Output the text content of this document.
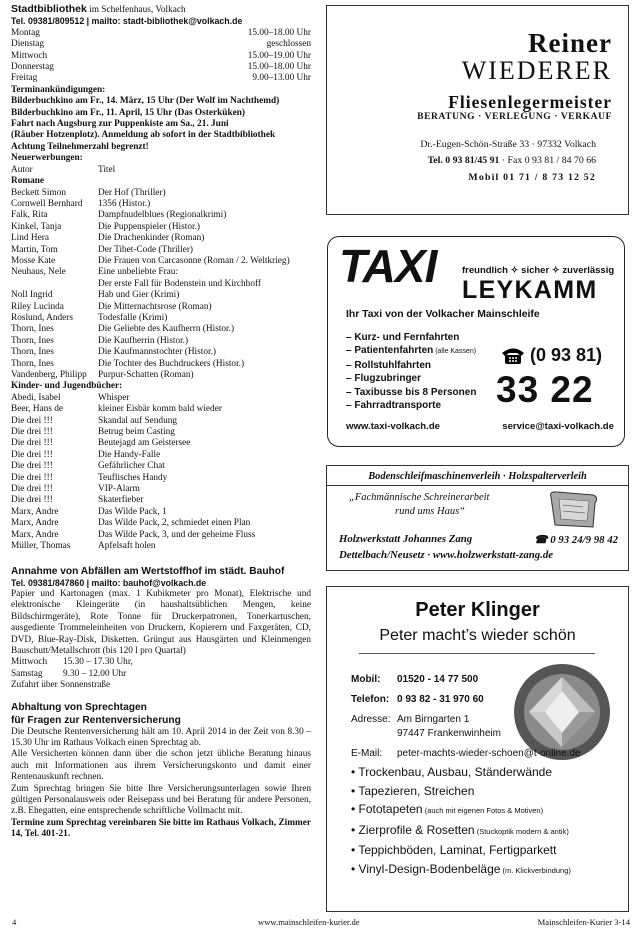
Stadtbibliothek im Schelfenhaus, Volkach
Tel. 09381/809512 | mailto: stadt-bibliothek@volkach.de
Montag	15.00–18.00 Uhr
Dienstag	geschlossen
Mittwoch	15.00–19.00 Uhr
Donnerstag	15.00–18.00 Uhr
Freitag	9.00–13.00 Uhr
Terminankündigungen:
Bilderbuchkino am Fr., 14. März, 15 Uhr (Der Wolf im Nachthemd)
Bilderbuchkino am Fr., 11. April, 15 Uhr (Das Osterküken)
Fahrt nach Augsburg zur Puppenkiste am Sa., 21. Juni
(Räuber Hotzenplotz). Anmeldung ab sofort in der Stadtbibliothek
Achtung Teilnehmerzahl begrenzt!
Neuerwerbungen:
Autor	Titel
Romane
Beckett Simon	Der Hof (Thriller)
Cornwell Bernhard	1356 (Histor.)
Falk, Rita	Dampfnudelblues (Regionalkrimi)
Kinkel, Tanja	Die Puppenspieler (Histor.)
Lind Hera	Die Drachenkinder (Roman)
Martin, Tom	Der Tibet-Code (Thriller)
Mosse Kate	Die Frauen von Carcasonne (Roman / 2. Weltkrieg)
Neuhaus, Nele	Eine unbeliebte Frau:
Der erste Fall für Bodenstein und Kirchhoff
Noll Ingrid	Hab und Gier (Krimi)
Riley Lucinda	Die Mitternachtsrose (Roman)
Roslund, Anders	Todesfalle (Krimi)
Thorn, Ines	Die Geliebte des Kaufherrn (Histor.)
Thorn, Ines	Die Kaufherrin (Histor.)
Thorn, Ines	Die Kaufmannstochter (Histor.)
Thorn, Ines	Die Tochter des Buchdruckers (Histor.)
Vandenberg, Philipp	Purpur-Schatten (Roman)
Kinder- und Jugendbücher:
Abedi, Isabel	Whisper
Beer, Hans de	kleiner Eisbär komm bald wieder
Die drei !!!	Skandal auf Sendung
Die drei !!!	Betrug beim Casting
Die drei !!!	Beutejagd am Geistersee
Die drei !!!	Die Handy-Falle
Die drei !!!	Gefährlicher Chat
Die drei !!!	Teuflisches Handy
Die drei !!!	VIP-Alarm
Die drei !!!	Skaterfieber
Marx, Andre	Das Wilde Pack, 1
Marx, Andre	Das Wilde Pack, 2, schmiedet einen Plan
Marx, Andre	Das Wilde Pack, 3, und der geheime Fluss
Müller, Thomas	Apfelsaft holen
Annahme von Abfällen am Wertstoffhof im städt. Bauhof
Tel. 09381/847860 | mailto: bauhof@volkach.de
Papier und Kartonagen (max. 1 Kubikmeter pro Monat), Elektrische und elektronische Kleingeräte (in haushaltsüblichen Mengen, keine Bildschirmgeräte), Rote Tonne für Druckerpatronen, Tonerkartuschen, ausgediente Trommeleinheiten von Druckern, Kopierern und Faxgeräten, CD, DVD, Blue-Ray-Disk, Disketten. Grüngut aus Hausgärten und Kleinmengen Bauschutt/Metallschrott (bis 120 l pro Quartal)
Mittwoch	15.30 – 17.30 Uhr,
Samstag	9.30 – 12.00 Uhr
Zufahrt über Sonnenstraße
Abhaltung von Sprechtagen
für Fragen zur Rentenversicherung
Die Deutsche Rentenversicherung hält am 10. April 2014 in der Zeit von 8.30 – 15.30 Uhr im Rathaus Volkach einen Sprechtag ab.
Alle Versicherten können dann über die schon jetzt übliche Beratung hinaus auch mit Informationen aus ihrem Versicherungskonto und damit einer Rentenauskunft rechnen.
Zum Sprechtag bringen Sie bitte Ihre Versicherungsunterlagen sowie Ihren gültigen Personalausweis oder Reisepass und bei Beratung für andere Personen, z.B. Ehegatten, eine entsprechende schriftliche Vollmacht mit.
Termine zum Sprechtag vereinbaren Sie bitte im Rathaus Volkach, Zimmer 14, Tel. 401-21.
4	www.mainschleifen-kurier.de	Mainschleifen-Kurier 3-14
Reiner
WIEDERER
Fliesenlegermeister
BERATUNG · VERLEGUNG · VERKAUF
Dr.-Eugen-Schön-Straße 33 · 97332 Volkach
Tel. 0 93 81/45 91 · Fax 0 93 81 / 84 70 66
Mobil 01 71 / 8 73 12 52
TAXI	freundlich ✧ sicher ✧ zuverlässig
LEYKAMM
Ihr Taxi von der Volkacher Mainschleife
– Kurz- und Fernfahrten
– Patientenfahrten (alle Kassen)
– Rollstuhlfahrten
– Flugzubringer
– Taxibusse bis 8 Personen
– Fahrradtransporte
(0 93 81)
33 22
www.taxi-volkach.de	service@taxi-volkach.de
Bodenschleifmaschinenverleih · Holzspalterverleih
„Fachmännische Schreinerarbeit
rund ums Haus“
Holzwerkstatt Johannes Zang	☎ 0 93 24/9 98 42
Dettelbach/Neusetz · www.holzwerkstatt-zang.de
Peter Klinger
Peter macht’s wieder schön
Mobil:	01520 - 14 77 500
Telefon: 0 93 82 - 31 970 60
Adresse: Am Birngarten 1
97447 Frankenwinheim
E-Mail:	peter-machts-wieder-schoen@t-online.de
• Trockenbau, Ausbau, Ständerwände
• Tapezieren, Streichen
• Fototapeten (auch mit eigenen Fotos & Motiven)
• Zierprofile & Rosetten (Stuckoptik modern & antik)
• Teppichböden, Laminat, Fertigparkett
• Vinyl-Design-Bodenbeläge (m. Klickverbindung)
